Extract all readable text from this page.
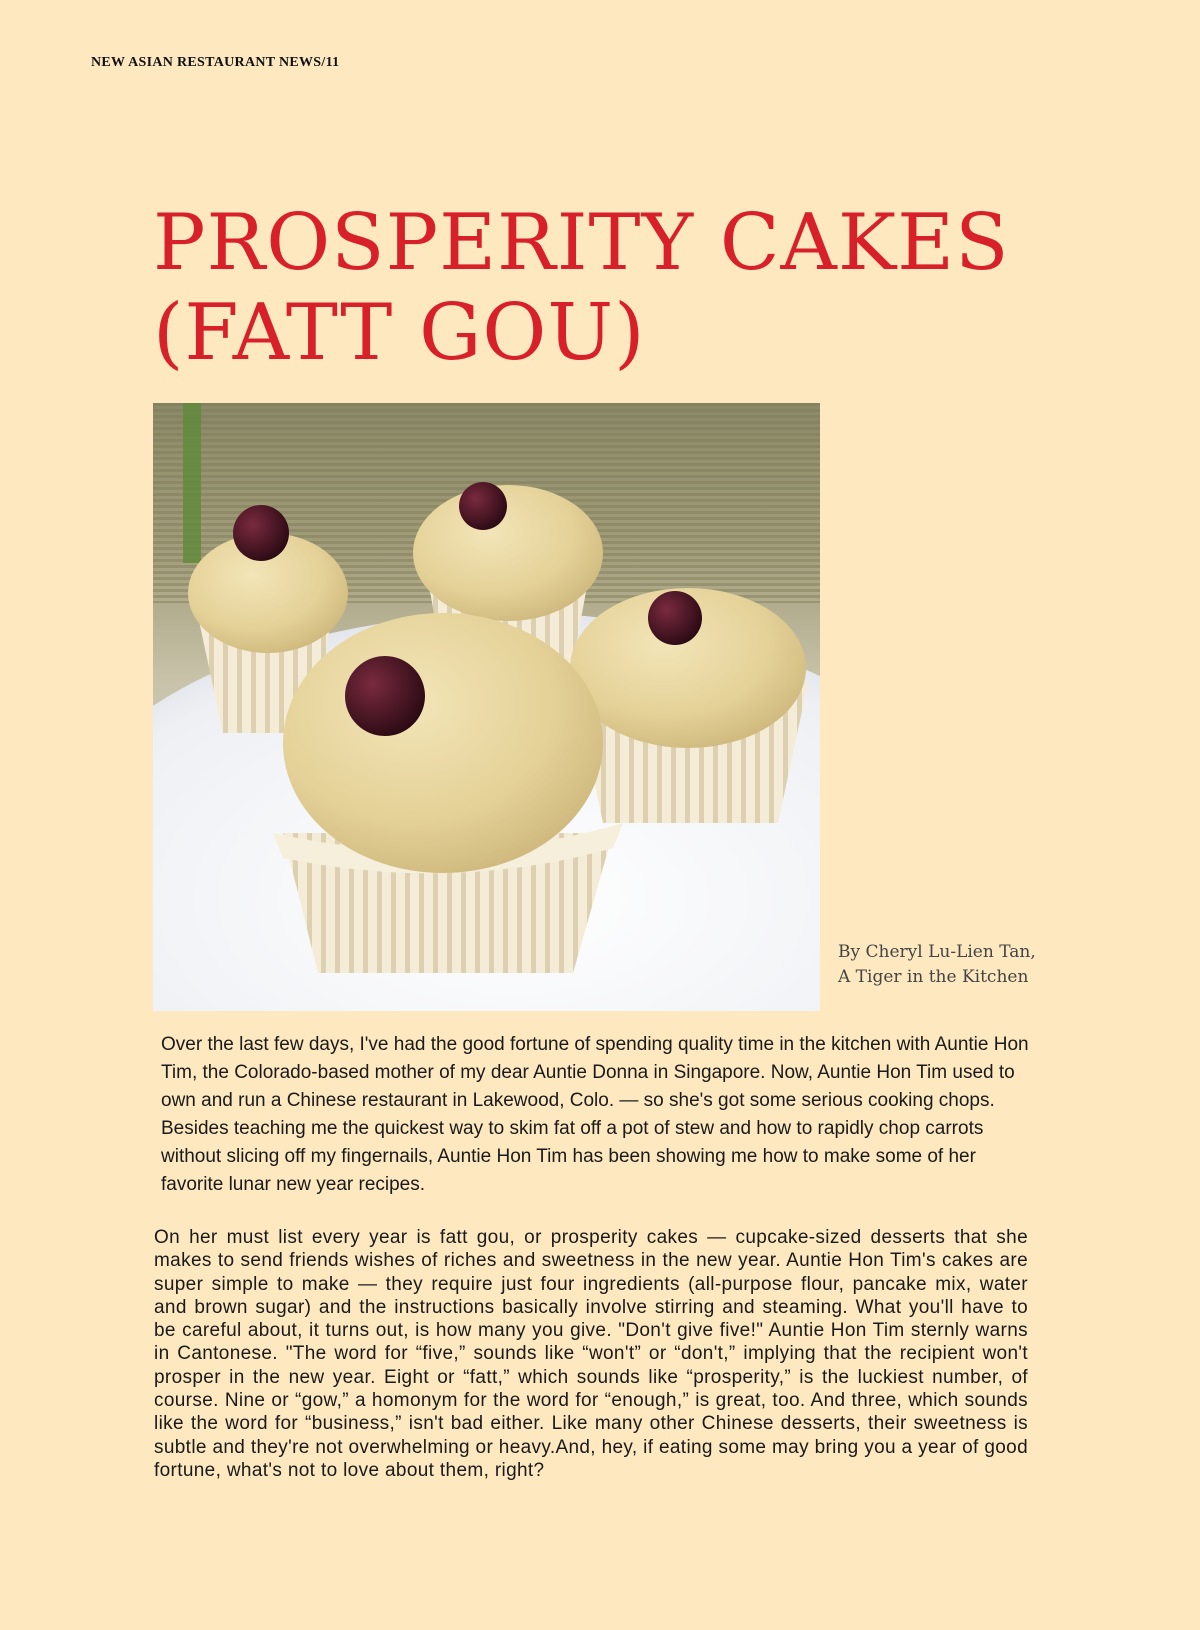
NEW ASIAN RESTAURANT NEWS/11
PROSPERITY CAKES
(FATT GOU)
By Cheryl Lu-Lien Tan,
A Tiger in the Kitchen

Over the last few days, I've had the good fortune of spending quality time in the kitchen with Auntie Hon Tim, the Colorado-based mother of my dear Auntie Donna in Singapore. Now, Auntie Hon Tim used to own and run a Chinese restaurant in Lakewood, Colo. — so she's got some serious cooking chops. Besides teaching me the quickest way to skim fat off a pot of stew and how to rapidly chop carrots without slicing off my fingernails, Auntie Hon Tim has been showing me how to make some of her favorite lunar new year recipes.

On her must list every year is fatt gou, or prosperity cakes — cupcake-sized desserts that she makes to send friends wishes of riches and sweetness in the new year. Auntie Hon Tim's cakes are super simple to make — they require just four ingredients (all-purpose flour, pancake mix, water and brown sugar) and the instructions basically involve stirring and steaming. What you'll have to be careful about, it turns out, is how many you give. "Don't give five!" Auntie Hon Tim sternly warns in Cantonese. "The word for “five,” sounds like “won't” or “don't,” implying that the recipient won't prosper in the new year. Eight or “fatt,” which sounds like “prosperity,” is the luckiest number, of course. Nine or “gow,” a homonym for the word for “enough,” is great, too. And three, which sounds like the word for “business,” isn't bad either. Like many other Chinese desserts, their sweetness is subtle and they're not overwhelming or heavy.And, hey, if eating some may bring you a year of good fortune, what's not to love about them, right?
